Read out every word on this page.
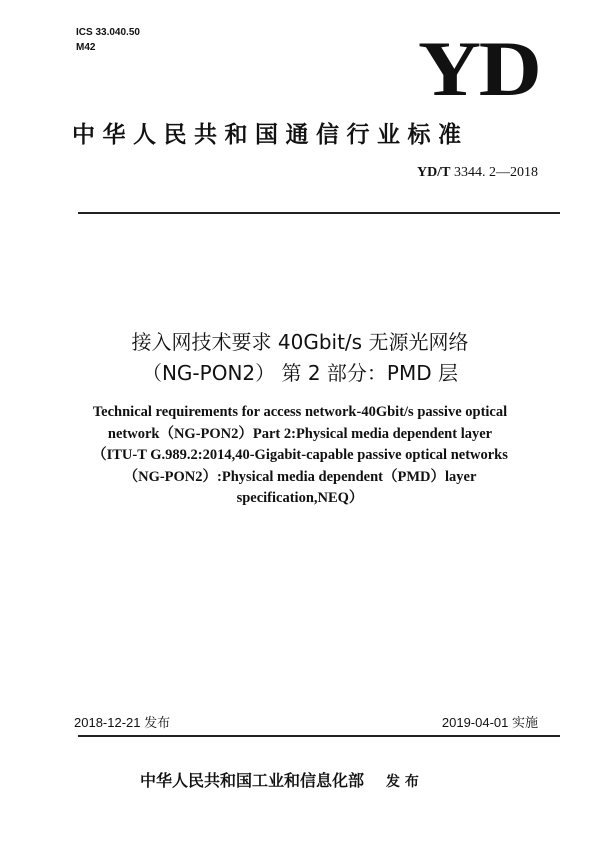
ICS 33.040.50
M42	YD
中华人民共和国通信行业标准
YD/T 3344. 2—2018
接入网技术要求 40Gbit/s 无源光网络
（NG-PON2） 第 2 部分：PMD 层
Technical requirements for access network-40Gbit/s passive optical
network（NG-PON2）Part 2:Physical media dependent layer
（ITU-T G.989.2:2014,40-Gigabit-capable passive optical networks
（NG-PON2）:Physical media dependent（PMD）layer
specification,NEQ）
2018-12-21 发布	2019-04-01 实施
中华人民共和国工业和信息化部 发 布
